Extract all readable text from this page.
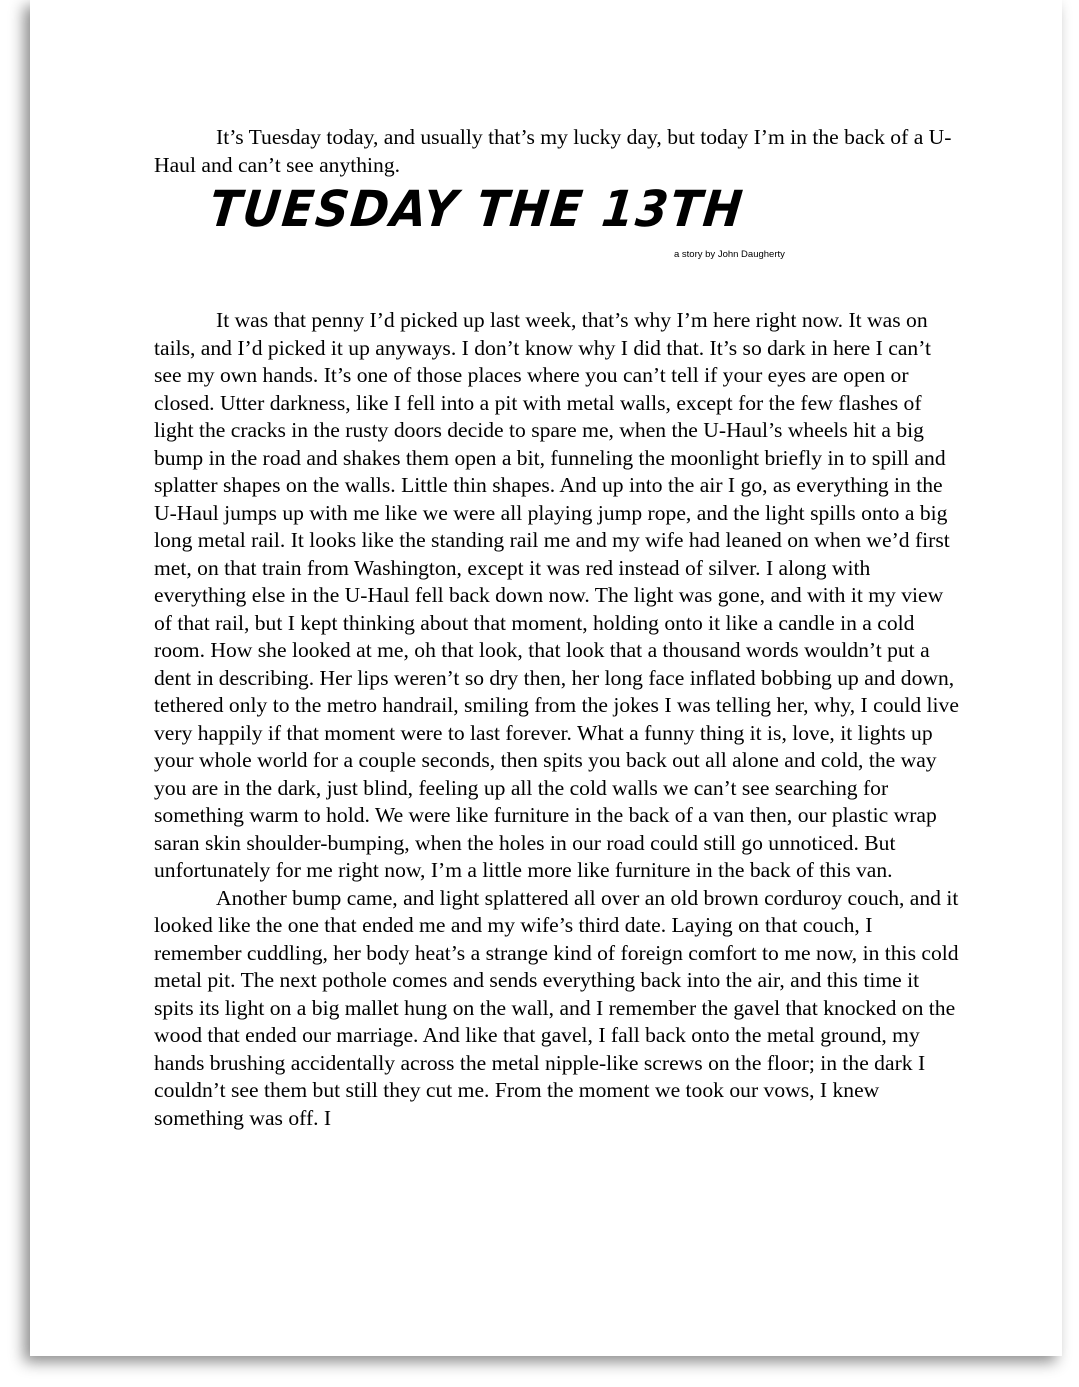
It’s Tuesday today, and usually that’s my lucky day, but today I’m in the back of a U-Haul and can’t see anything.

TUESDAY THE 13TH
a story by John Daugherty

It was that penny I’d picked up last week, that’s why I’m here right now. It was on tails, and I’d picked it up anyways. I don’t know why I did that. It’s so dark in here I can’t see my own hands. It’s one of those places where you can’t tell if your eyes are open or closed. Utter darkness, like I fell into a pit with metal walls, except for the few flashes of light the cracks in the rusty doors decide to spare me, when the U-Haul’s wheels hit a big bump in the road and shakes them open a bit, funneling the moonlight briefly in to spill and splatter shapes on the walls. Little thin shapes. And up into the air I go, as everything in the U-Haul jumps up with me like we were all playing jump rope, and the light spills onto a big long metal rail. It looks like the standing rail me and my wife had leaned on when we’d first met, on that train from Washington, except it was red instead of silver. I along with everything else in the U-Haul fell back down now. The light was gone, and with it my view of that rail, but I kept thinking about that moment, holding onto it like a candle in a cold room. How she looked at me, oh that look, that look that a thousand words wouldn’t put a dent in describing. Her lips weren’t so dry then, her long face inflated bobbing up and down, tethered only to the metro handrail, smiling from the jokes I was telling her, why, I could live very happily if that moment were to last forever. What a funny thing it is, love, it lights up your whole world for a couple seconds, then spits you back out all alone and cold, the way you are in the dark, just blind, feeling up all the cold walls we can’t see searching for something warm to hold. We were like furniture in the back of a van then, our plastic wrap saran skin shoulder-bumping, when the holes in our road could still go unnoticed. But unfortunately for me right now, I’m a little more like furniture in the back of this van.

Another bump came, and light splattered all over an old brown corduroy couch, and it looked like the one that ended me and my wife’s third date. Laying on that couch, I remember cuddling, her body heat’s a strange kind of foreign comfort to me now, in this cold metal pit. The next pothole comes and sends everything back into the air, and this time it spits its light on a big mallet hung on the wall, and I remember the gavel that knocked on the wood that ended our marriage. And like that gavel, I fall back onto the metal ground, my hands brushing accidentally across the metal nipple-like screws on the floor; in the dark I couldn’t see them but still they cut me. From the moment we took our vows, I knew something was off. I
